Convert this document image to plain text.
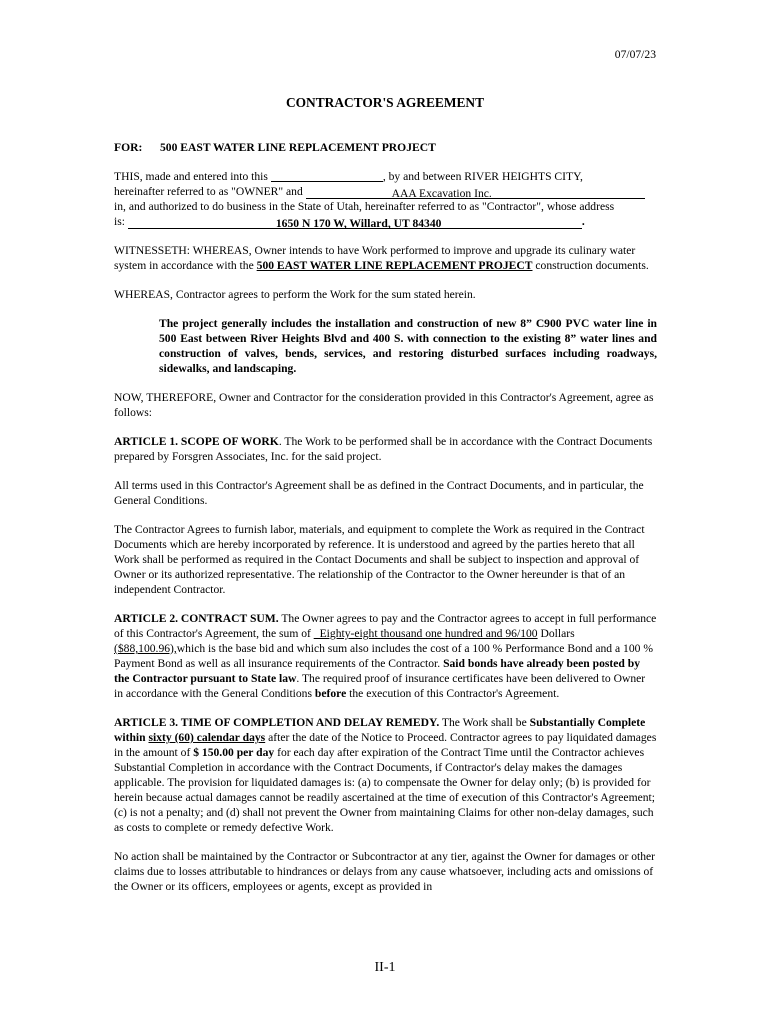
07/07/23
CONTRACTOR'S AGREEMENT

FOR: 500 EAST WATER LINE REPLACEMENT PROJECT

THIS, made and entered into this	, by and between RIVER HEIGHTS CITY,
hereinafter referred to as "OWNER" and	AAA Excavation Inc.
in, and authorized to do business in the State of Utah, hereinafter referred to as "Contractor", whose address
is:	1650 N 170 W, Willard, UT 84340	.

WITNESSETH: WHEREAS, Owner intends to have Work performed to improve and upgrade its culinary water system in accordance with the 500 EAST WATER LINE REPLACEMENT PROJECT construction documents.

WHEREAS, Contractor agrees to perform the Work for the sum stated herein.

The project generally includes the installation and construction of new 8” C900 PVC water line in 500 East between River Heights Blvd and 400 S. with connection to the existing 8” water lines and construction of valves, bends, services, and restoring disturbed surfaces including roadways, sidewalks, and landscaping.

NOW, THEREFORE, Owner and Contractor for the consideration provided in this Contractor's Agreement, agree as follows:

ARTICLE 1. SCOPE OF WORK. The Work to be performed shall be in accordance with the Contract Documents prepared by Forsgren Associates, Inc. for the said project.

All terms used in this Contractor's Agreement shall be as defined in the Contract Documents, and in particular, the General Conditions.

The Contractor Agrees to furnish labor, materials, and equipment to complete the Work as required in the Contract Documents which are hereby incorporated by reference. It is understood and agreed by the parties hereto that all Work shall be performed as required in the Contact Documents and shall be subject to inspection and approval of Owner or its authorized representative. The relationship of the Contractor to the Owner hereunder is that of an independent Contractor.

ARTICLE 2. CONTRACT SUM. The Owner agrees to pay and the Contractor agrees to accept in full performance of this Contractor's Agreement, the sum of _Eighty-eight thousand one hundred and 96/100 Dollars ($88,100.96),which is the base bid and which sum also includes the cost of a 100 % Performance Bond and a 100 % Payment Bond as well as all insurance requirements of the Contractor. Said bonds have already been posted by the Contractor pursuant to State law. The required proof of insurance certificates have been delivered to Owner in accordance with the General Conditions before the execution of this Contractor's Agreement.

ARTICLE 3. TIME OF COMPLETION AND DELAY REMEDY. The Work shall be Substantially Complete within sixty (60) calendar days after the date of the Notice to Proceed. Contractor agrees to pay liquidated damages in the amount of $ 150.00 per day for each day after expiration of the Contract Time until the Contractor achieves Substantial Completion in accordance with the Contract Documents, if Contractor's delay makes the damages applicable. The provision for liquidated damages is: (a) to compensate the Owner for delay only; (b) is provided for herein because actual damages cannot be readily ascertained at the time of execution of this Contractor's Agreement; (c) is not a penalty; and (d) shall not prevent the Owner from maintaining Claims for other non-delay damages, such as costs to complete or remedy defective Work.

No action shall be maintained by the Contractor or Subcontractor at any tier, against the Owner for damages or other claims due to losses attributable to hindrances or delays from any cause whatsoever, including acts and omissions of the Owner or its officers, employees or agents, except as provided in

II-1
